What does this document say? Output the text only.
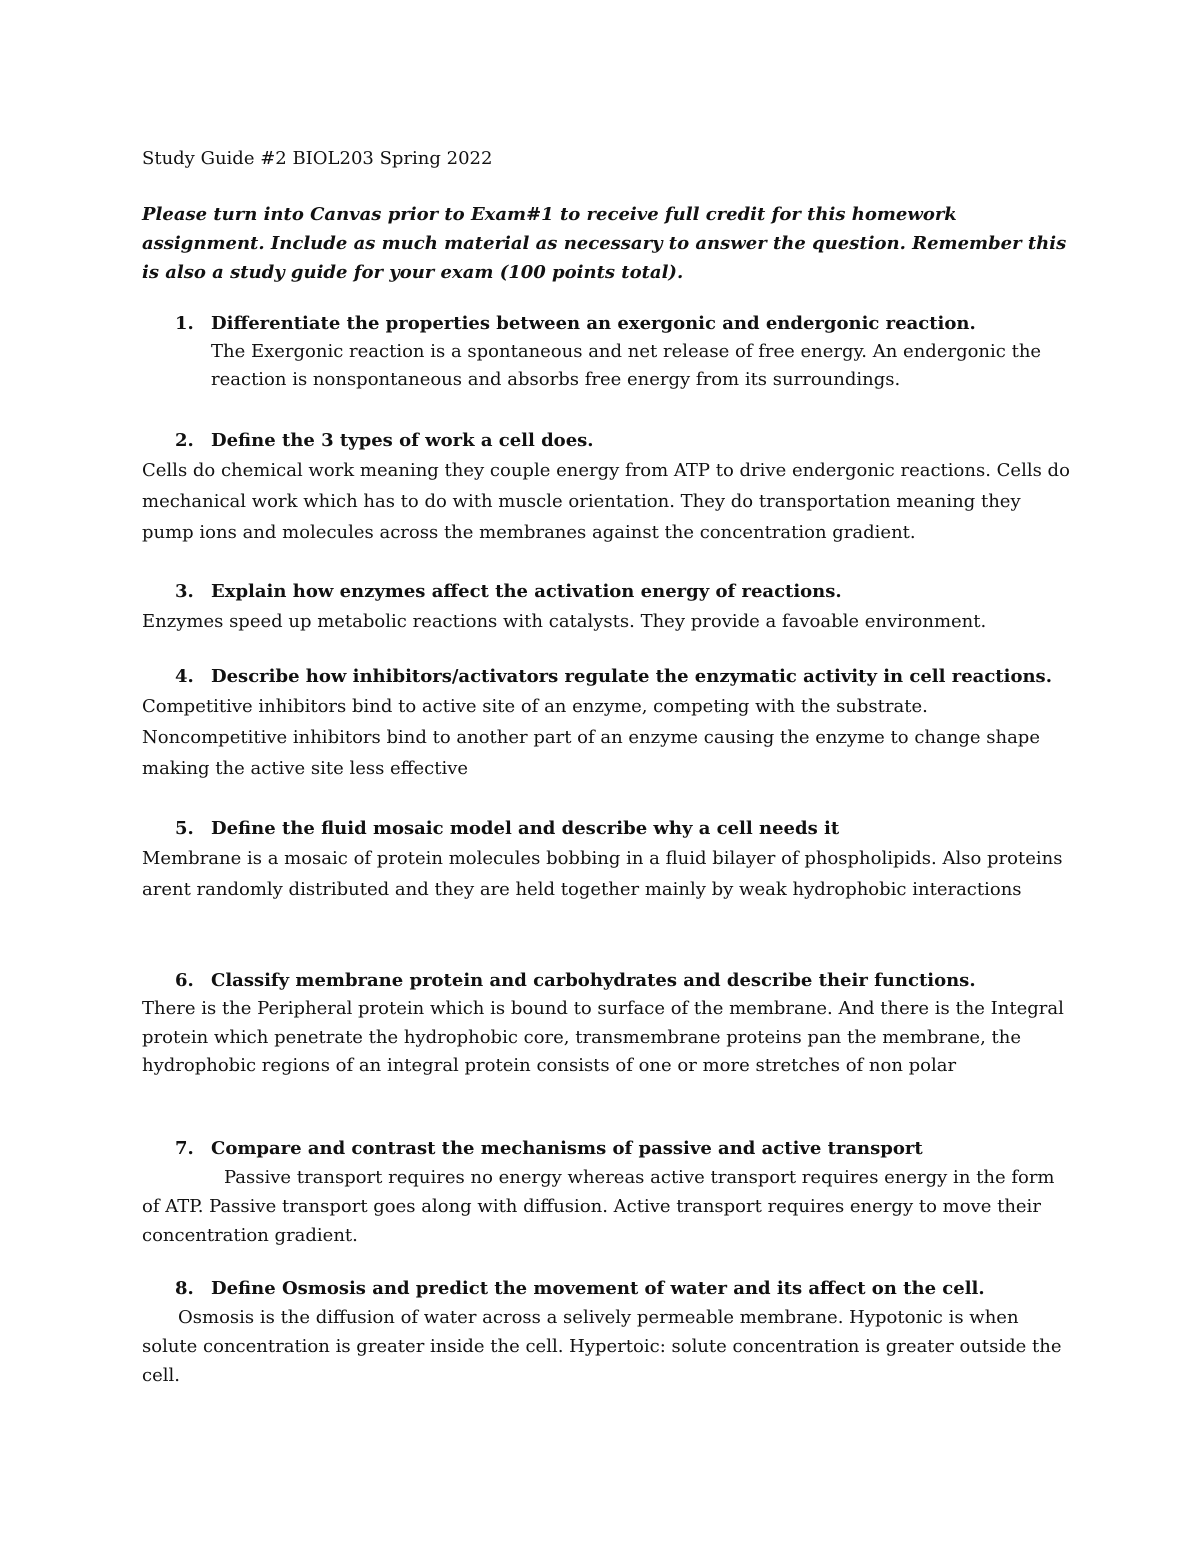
Study Guide #2 BIOL203 Spring 2022
Please turn into Canvas prior to Exam#1 to receive full credit for this homework assignment. Include as much material as necessary to answer the question. Remember this is also a study guide for your exam (100 points total).
1. Differentiate the properties between an exergonic and endergonic reaction.
The Exergonic reaction is a spontaneous and net release of free energy. An endergonic the reaction is nonspontaneous and absorbs free energy from its surroundings.
2. Define the 3 types of work a cell does.
Cells do chemical work meaning they couple energy from ATP to drive endergonic reactions. Cells do mechanical work which has to do with muscle orientation. They do transportation meaning they pump ions and molecules across the membranes against the concentration gradient.
3. Explain how enzymes affect the activation energy of reactions.
Enzymes speed up metabolic reactions with catalysts. They provide a favoable environment.
4. Describe how inhibitors/activators regulate the enzymatic activity in cell reactions.
Competitive inhibitors bind to active site of an enzyme, competing with the substrate. Noncompetitive inhibitors bind to another part of an enzyme causing the enzyme to change shape making the active site less effective
5. Define the fluid mosaic model and describe why a cell needs it
Membrane is a mosaic of protein molecules bobbing in a fluid bilayer of phospholipids. Also proteins arent randomly distributed and they are held together mainly by weak hydrophobic interactions
6. Classify membrane protein and carbohydrates and describe their functions.
There is the Peripheral protein which is bound to surface of the membrane. And there is the Integral protein which penetrate the hydrophobic core, transmembrane proteins pan the membrane, the hydrophobic regions of an integral protein consists of one or more stretches of non polar
7. Compare and contrast the mechanisms of passive and active transport
Passive transport requires no energy whereas active transport requires energy in the form of ATP. Passive transport goes along with diffusion. Active transport requires energy to move their concentration gradient.
8. Define Osmosis and predict the movement of water and its affect on the cell.
Osmosis is the diffusion of water across a selively permeable membrane. Hypotonic is when solute concentration is greater inside the cell. Hypertoic: solute concentration is greater outside the cell.
